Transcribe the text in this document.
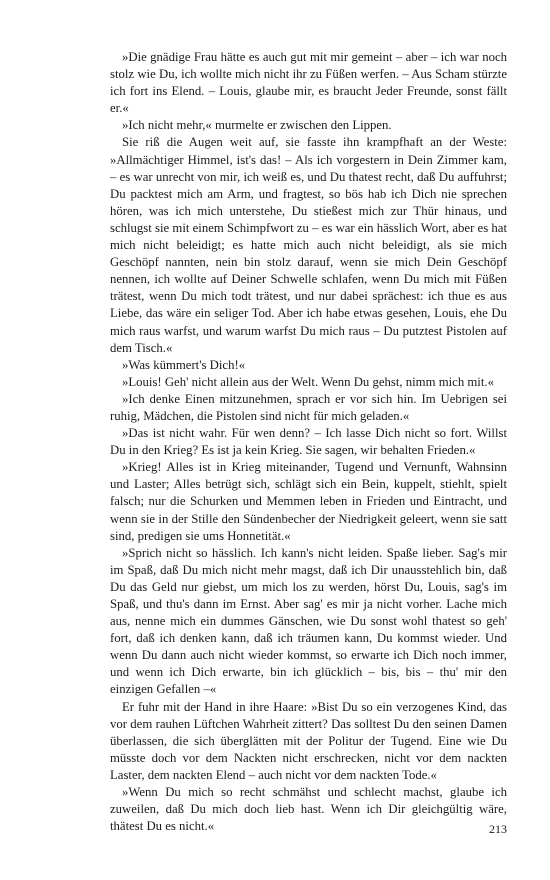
»Die gnädige Frau hätte es auch gut mit mir gemeint – aber – ich war noch stolz wie Du, ich wollte mich nicht ihr zu Füßen werfen. – Aus Scham stürzte ich fort ins Elend. – Louis, glaube mir, es braucht Jeder Freunde, sonst fällt er.«

»Ich nicht mehr,« murmelte er zwischen den Lippen.

Sie riß die Augen weit auf, sie fasste ihn krampfhaft an der Weste: »Allmächtiger Himmel, ist's das! – Als ich vorgestern in Dein Zimmer kam, – es war unrecht von mir, ich weiß es, und Du thatest recht, daß Du auffuhrst; Du packtest mich am Arm, und fragtest, so bös hab ich Dich nie sprechen hören, was ich mich unterstehe, Du stießest mich zur Thür hinaus, und schlugst sie mit einem Schimpfwort zu – es war ein hässlich Wort, aber es hat mich nicht beleidigt; es hatte mich auch nicht beleidigt, als sie mich Geschöpf nannten, nein bin stolz darauf, wenn sie mich Dein Geschöpf nennen, ich wollte auf Deiner Schwelle schlafen, wenn Du mich mit Füßen trätest, wenn Du mich todt trätest, und nur dabei sprächest: ich thue es aus Liebe, das wäre ein seliger Tod. Aber ich habe etwas gesehen, Louis, ehe Du mich raus warfst, und warum warfst Du mich raus – Du putztest Pistolen auf dem Tisch.«

»Was kümmert's Dich!«

»Louis! Geh' nicht allein aus der Welt. Wenn Du gehst, nimm mich mit.«

»Ich denke Einen mitzunehmen, sprach er vor sich hin. Im Uebrigen sei ruhig, Mädchen, die Pistolen sind nicht für mich geladen.«

»Das ist nicht wahr. Für wen denn? – Ich lasse Dich nicht so fort. Willst Du in den Krieg? Es ist ja kein Krieg. Sie sagen, wir behalten Frieden.«

»Krieg! Alles ist in Krieg miteinander, Tugend und Vernunft, Wahnsinn und Laster; Alles betrügt sich, schlägt sich ein Bein, kuppelt, stiehlt, spielt falsch; nur die Schurken und Memmen leben in Frieden und Eintracht, und wenn sie in der Stille den Sündenbecher der Niedrigkeit geleert, wenn sie satt sind, predigen sie ums Honnetität.«

»Sprich nicht so hässlich. Ich kann's nicht leiden. Spaße lieber. Sag's mir im Spaß, daß Du mich nicht mehr magst, daß ich Dir unausstehlich bin, daß Du das Geld nur giebst, um mich los zu werden, hörst Du, Louis, sag's im Spaß, und thu's dann im Ernst. Aber sag' es mir ja nicht vorher. Lache mich aus, nenne mich ein dummes Gänschen, wie Du sonst wohl thatest so geh' fort, daß ich denken kann, daß ich träumen kann, Du kommst wieder. Und wenn Du dann auch nicht wieder kommst, so erwarte ich Dich noch immer, und wenn ich Dich erwarte, bin ich glücklich – bis, bis – thu' mir den einzigen Gefallen –«

Er fuhr mit der Hand in ihre Haare: »Bist Du so ein verzogenes Kind, das vor dem rauhen Lüftchen Wahrheit zittert? Das solltest Du den seinen Damen überlassen, die sich überglätten mit der Politur der Tugend. Eine wie Du müsste doch vor dem Nackten nicht erschrecken, nicht vor dem nackten Laster, dem nackten Elend – auch nicht vor dem nackten Tode.«

»Wenn Du mich so recht schmähst und schlecht machst, glaube ich zuweilen, daß Du mich doch lieb hast. Wenn ich Dir gleichgültig wäre, thätest Du es nicht.«	213
